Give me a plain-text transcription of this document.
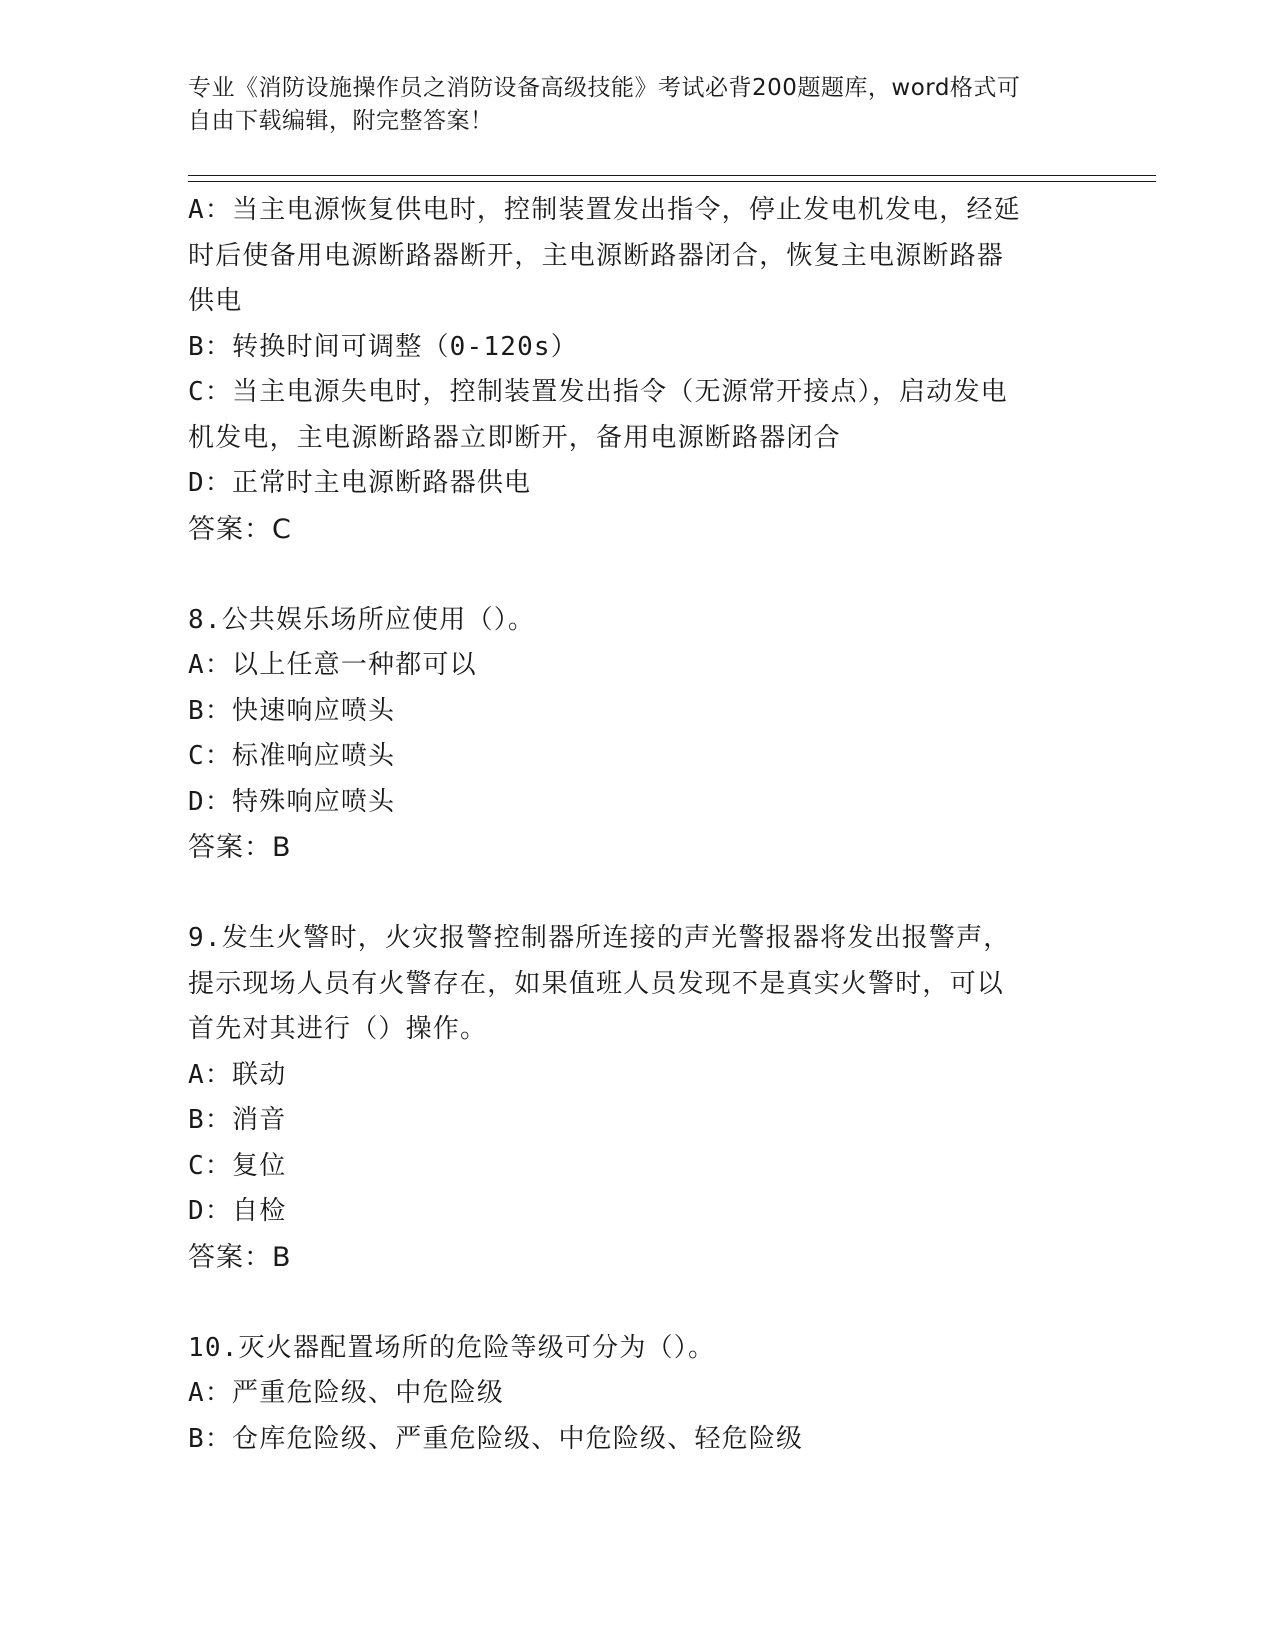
专业《消防设施操作员之消防设备高级技能》考试必背200题题库，word格式可
自由下载编辑，附完整答案！
A：当主电源恢复供电时，控制装置发出指令，停止发电机发电，经延
时后使备用电源断路器断开，主电源断路器闭合，恢复主电源断路器
供电
B：转换时间可调整（0-120s）
C：当主电源失电时，控制装置发出指令（无源常开接点），启动发电
机发电，主电源断路器立即断开，备用电源断路器闭合
D：正常时主电源断路器供电
答案：C
8.公共娱乐场所应使用（）。
A：以上任意一种都可以
B：快速响应喷头
C：标准响应喷头
D：特殊响应喷头
答案：B
9.发生火警时，火灾报警控制器所连接的声光警报器将发出报警声，
提示现场人员有火警存在，如果值班人员发现不是真实火警时，可以
首先对其进行（）操作。
A：联动
B：消音
C：复位
D：自检
答案：B
10.灭火器配置场所的危险等级可分为（）。
A：严重危险级、中危险级
B：仓库危险级、严重危险级、中危险级、轻危险级
